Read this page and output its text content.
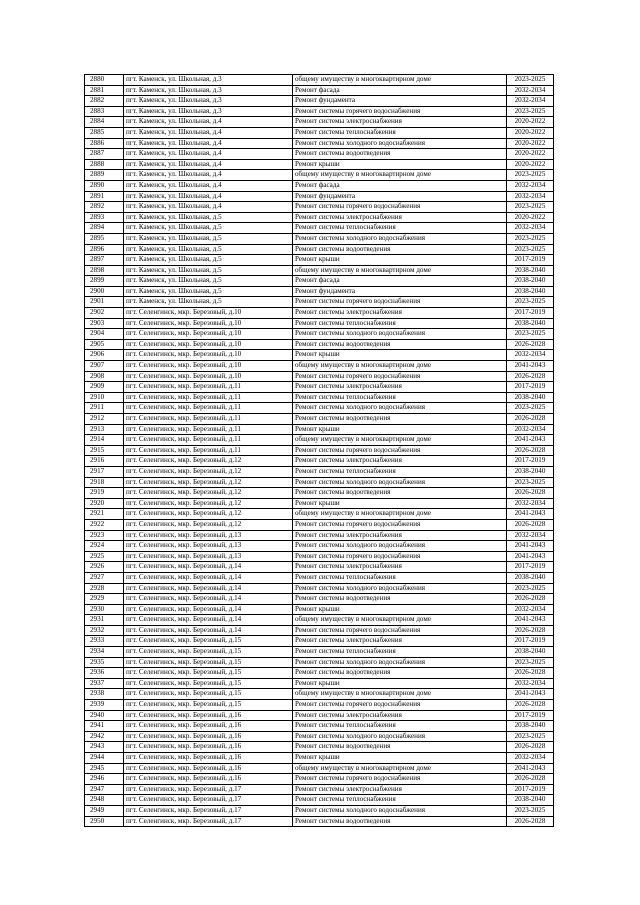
2880	пгт. Каменск, ул. Школьная, д.3	общему имуществу в многоквартирном доме	2023-2025
2881	пгт. Каменск, ул. Школьная, д.3	Ремонт фасада	2032-2034
2882	пгт. Каменск, ул. Школьная, д.3	Ремонт фундамента	2032-2034
2883	пгт. Каменск, ул. Школьная, д.3	Ремонт системы горячего водоснабжения	2023-2025
2884	пгт. Каменск, ул. Школьная, д.4	Ремонт системы электроснабжения	2020-2022
2885	пгт. Каменск, ул. Школьная, д.4	Ремонт системы теплоснабжения	2020-2022
2886	пгт. Каменск, ул. Школьная, д.4	Ремонт системы холодного водоснабжения	2020-2022
2887	пгт. Каменск, ул. Школьная, д.4	Ремонт системы водоотведения	2020-2022
2888	пгт. Каменск, ул. Школьная, д.4	Ремонт крыши	2020-2022
2889	пгт. Каменск, ул. Школьная, д.4	общему имуществу в многоквартирном доме	2023-2025
2890	пгт. Каменск, ул. Школьная, д.4	Ремонт фасада	2032-2034
2891	пгт. Каменск, ул. Школьная, д.4	Ремонт фундамента	2032-2034
2892	пгт. Каменск, ул. Школьная, д.4	Ремонт системы горячего водоснабжения	2023-2025
2893	пгт. Каменск, ул. Школьная, д.5	Ремонт системы электроснабжения	2020-2022
2894	пгт. Каменск, ул. Школьная, д.5	Ремонт системы теплоснабжения	2032-2034
2895	пгт. Каменск, ул. Школьная, д.5	Ремонт системы холодного водоснабжения	2023-2025
2896	пгт. Каменск, ул. Школьная, д.5	Ремонт системы водоотведения	2023-2025
2897	пгт. Каменск, ул. Школьная, д.5	Ремонт крыши	2017-2019
2898	пгт. Каменск, ул. Школьная, д.5	общему имуществу в многоквартирном доме	2038-2040
2899	пгт. Каменск, ул. Школьная, д.5	Ремонт фасада	2038-2040
2900	пгт. Каменск, ул. Школьная, д.5	Ремонт фундамента	2038-2040
2901	пгт. Каменск, ул. Школьная, д.5	Ремонт системы горячего водоснабжения	2023-2025
2902	пгт. Селенгинск, мкр. Березовый, д.10	Ремонт системы электроснабжения	2017-2019
2903	пгт. Селенгинск, мкр. Березовый, д.10	Ремонт системы теплоснабжения	2038-2040
2904	пгт. Селенгинск, мкр. Березовый, д.10	Ремонт системы холодного водоснабжения	2023-2025
2905	пгт. Селенгинск, мкр. Березовый, д.10	Ремонт системы водоотведения	2026-2028
2906	пгт. Селенгинск, мкр. Березовый, д.10	Ремонт крыши	2032-2034
2907	пгт. Селенгинск, мкр. Березовый, д.10	общему имуществу в многоквартирном доме	2041-2043
2908	пгт. Селенгинск, мкр. Березовый, д.10	Ремонт системы горячего водоснабжения	2026-2028
2909	пгт. Селенгинск, мкр. Березовый, д.11	Ремонт системы электроснабжения	2017-2019
2910	пгт. Селенгинск, мкр. Березовый, д.11	Ремонт системы теплоснабжения	2038-2040
2911	пгт. Селенгинск, мкр. Березовый, д.11	Ремонт системы холодного водоснабжения	2023-2025
2912	пгт. Селенгинск, мкр. Березовый, д.11	Ремонт системы водоотведения	2026-2028
2913	пгт. Селенгинск, мкр. Березовый, д.11	Ремонт крыши	2032-2034
2914	пгт. Селенгинск, мкр. Березовый, д.11	общему имуществу в многоквартирном доме	2041-2043
2915	пгт. Селенгинск, мкр. Березовый, д.11	Ремонт системы горячего водоснабжения	2026-2028
2916	пгт. Селенгинск, мкр. Березовый, д.12	Ремонт системы электроснабжения	2017-2019
2917	пгт. Селенгинск, мкр. Березовый, д.12	Ремонт системы теплоснабжения	2038-2040
2918	пгт. Селенгинск, мкр. Березовый, д.12	Ремонт системы холодного водоснабжения	2023-2025
2919	пгт. Селенгинск, мкр. Березовый, д.12	Ремонт системы водоотведения	2026-2028
2920	пгт. Селенгинск, мкр. Березовый, д.12	Ремонт крыши	2032-2034
2921	пгт. Селенгинск, мкр. Березовый, д.12	общему имуществу в многоквартирном доме	2041-2043
2922	пгт. Селенгинск, мкр. Березовый, д.12	Ремонт системы горячего водоснабжения	2026-2028
2923	пгт. Селенгинск, мкр. Березовый, д.13	Ремонт системы электроснабжения	2032-2034
2924	пгт. Селенгинск, мкр. Березовый, д.13	Ремонт системы холодного водоснабжения	2041-2043
2925	пгт. Селенгинск, мкр. Березовый, д.13	Ремонт системы горячего водоснабжения	2041-2043
2926	пгт. Селенгинск, мкр. Березовый, д.14	Ремонт системы электроснабжения	2017-2019
2927	пгт. Селенгинск, мкр. Березовый, д.14	Ремонт системы теплоснабжения	2038-2040
2928	пгт. Селенгинск, мкр. Березовый, д.14	Ремонт системы холодного водоснабжения	2023-2025
2929	пгт. Селенгинск, мкр. Березовый, д.14	Ремонт системы водоотведения	2026-2028
2930	пгт. Селенгинск, мкр. Березовый, д.14	Ремонт крыши	2032-2034
2931	пгт. Селенгинск, мкр. Березовый, д.14	общему имуществу в многоквартирном доме	2041-2043
2932	пгт. Селенгинск, мкр. Березовый, д.14	Ремонт системы горячего водоснабжения	2026-2028
2933	пгт. Селенгинск, мкр. Березовый, д.15	Ремонт системы электроснабжения	2017-2019
2934	пгт. Селенгинск, мкр. Березовый, д.15	Ремонт системы теплоснабжения	2038-2040
2935	пгт. Селенгинск, мкр. Березовый, д.15	Ремонт системы холодного водоснабжения	2023-2025
2936	пгт. Селенгинск, мкр. Березовый, д.15	Ремонт системы водоотведения	2026-2028
2937	пгт. Селенгинск, мкр. Березовый, д.15	Ремонт крыши	2032-2034
2938	пгт. Селенгинск, мкр. Березовый, д.15	общему имуществу в многоквартирном доме	2041-2043
2939	пгт. Селенгинск, мкр. Березовый, д.15	Ремонт системы горячего водоснабжения	2026-2028
2940	пгт. Селенгинск, мкр. Березовый, д.16	Ремонт системы электроснабжения	2017-2019
2941	пгт. Селенгинск, мкр. Березовый, д.16	Ремонт системы теплоснабжения	2038-2040
2942	пгт. Селенгинск, мкр. Березовый, д.16	Ремонт системы холодного водоснабжения	2023-2025
2943	пгт. Селенгинск, мкр. Березовый, д.16	Ремонт системы водоотведения	2026-2028
2944	пгт. Селенгинск, мкр. Березовый, д.16	Ремонт крыши	2032-2034
2945	пгт. Селенгинск, мкр. Березовый, д.16	общему имуществу в многоквартирном доме	2041-2043
2946	пгт. Селенгинск, мкр. Березовый, д.16	Ремонт системы горячего водоснабжения	2026-2028
2947	пгт. Селенгинск, мкр. Березовый, д.17	Ремонт системы электроснабжения	2017-2019
2948	пгт. Селенгинск, мкр. Березовый, д.17	Ремонт системы теплоснабжения	2038-2040
2949	пгт. Селенгинск, мкр. Березовый, д.17	Ремонт системы холодного водоснабжения	2023-2025
2950	пгт. Селенгинск, мкр. Березовый, д.17	Ремонт системы водоотведения	2026-2028
